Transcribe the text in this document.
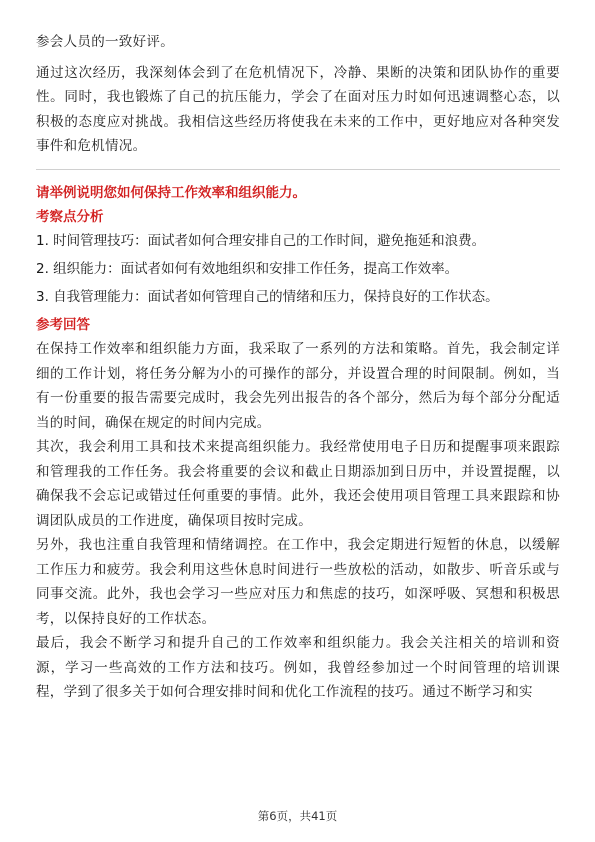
参会人员的一致好评。

通过这次经历，我深刻体会到了在危机情况下，冷静、果断的决策和团队协作的重要性。同时，我也锻炼了自己的抗压能力，学会了在面对压力时如何迅速调整心态，以积极的态度应对挑战。我相信这些经历将使我在未来的工作中，更好地应对各种突发事件和危机情况。

请举例说明您如何保持工作效率和组织能力。
考察点分析
1. 时间管理技巧：面试者如何合理安排自己的工作时间，避免拖延和浪费。
2. 组织能力：面试者如何有效地组织和安排工作任务，提高工作效率。
3. 自我管理能力：面试者如何管理自己的情绪和压力，保持良好的工作状态。
参考回答

在保持工作效率和组织能力方面，我采取了一系列的方法和策略。首先，我会制定详细的工作计划，将任务分解为小的可操作的部分，并设置合理的时间限制。例如，当有一份重要的报告需要完成时，我会先列出报告的各个部分，然后为每个部分分配适当的时间，确保在规定的时间内完成。

其次，我会利用工具和技术来提高组织能力。我经常使用电子日历和提醒事项来跟踪和管理我的工作任务。我会将重要的会议和截止日期添加到日历中，并设置提醒，以确保我不会忘记或错过任何重要的事情。此外，我还会使用项目管理工具来跟踪和协调团队成员的工作进度，确保项目按时完成。

另外，我也注重自我管理和情绪调控。在工作中，我会定期进行短暂的休息，以缓解工作压力和疲劳。我会利用这些休息时间进行一些放松的活动，如散步、听音乐或与同事交流。此外，我也会学习一些应对压力和焦虑的技巧，如深呼吸、冥想和积极思考，以保持良好的工作状态。

最后，我会不断学习和提升自己的工作效率和组织能力。我会关注相关的培训和资源，学习一些高效的工作方法和技巧。例如，我曾经参加过一个时间管理的培训课程，学到了很多关于如何合理安排时间和优化工作流程的技巧。通过不断学习和实

第6页，共41页
